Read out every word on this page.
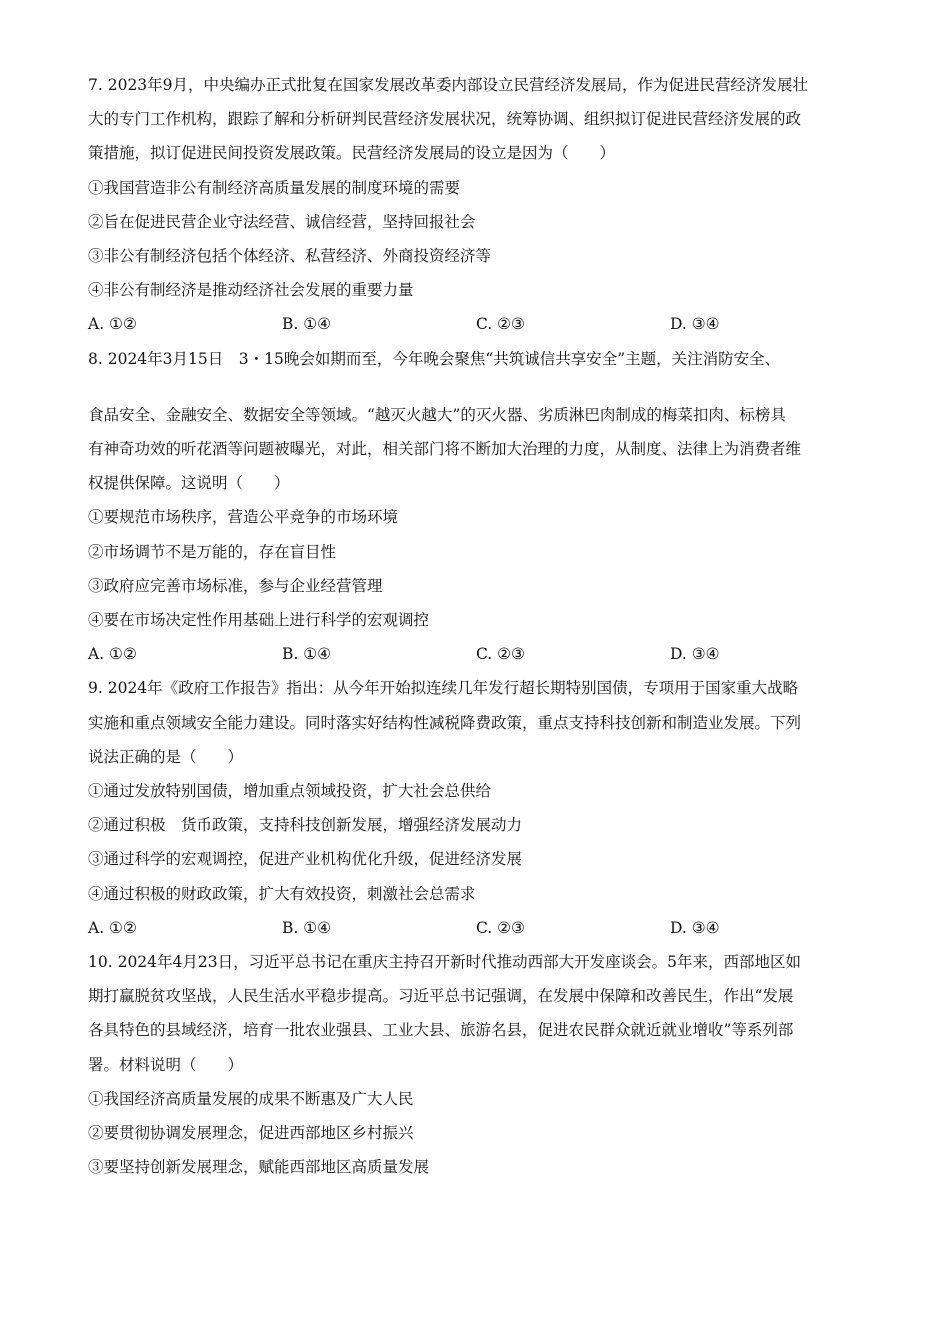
7. 2023年9月，中央编办正式批复在国家发展改革委内部设立民营经济发展局，作为促进民营经济发展壮
大的专门工作机构，跟踪了解和分析研判民营经济发展状况，统筹协调、组织拟订促进民营经济发展的政
策措施，拟订促进民间投资发展政策。民营经济发展局的设立是因为（　　）

①我国营造非公有制经济高质量发展的制度环境的需要

②旨在促进民营企业守法经营、诚信经营，坚持回报社会

③非公有制经济包括个体经济、私营经济、外商投资经济等

④非公有制经济是推动经济社会发展的重要力量

A. ①②	B. ①④	C. ②③	D. ③④

8. 2024年3月15日　3・15晚会如期而至，今年晚会聚焦“共筑诚信共享安全”主题，关注消防安全、
食品安全、金融安全、数据安全等领域。“越灭火越大”的灭火器、劣质淋巴肉制成的梅菜扣肉、标榜具
有神奇功效的听花酒等问题被曝光，对此，相关部门将不断加大治理的力度，从制度、法律上为消费者维
权提供保障。这说明（　　）

①要规范市场秩序，营造公平竞争的市场环境

②市场调节不是万能的，存在盲目性

③政府应完善市场标准，参与企业经营管理

④要在市场决定性作用基础上进行科学的宏观调控

A. ①②	B. ①④	C. ②③	D. ③④

9. 2024年《政府工作报告》指出：从今年开始拟连续几年发行超长期特别国债，专项用于国家重大战略
实施和重点领域安全能力建设。同时落实好结构性减税降费政策，重点支持科技创新和制造业发展。下列
说法正确的是（　　）

①通过发放特别国债，增加重点领域投资，扩大社会总供给

②通过积极　货币政策，支持科技创新发展，增强经济发展动力

③通过科学的宏观调控，促进产业机构优化升级，促进经济发展

④通过积极的财政政策，扩大有效投资，刺激社会总需求

A. ①②	B. ①④	C. ②③	D. ③④

10. 2024年4月23日，习近平总书记在重庆主持召开新时代推动西部大开发座谈会。5年来，西部地区如
期打赢脱贫攻坚战，人民生活水平稳步提高。习近平总书记强调，在发展中保障和改善民生，作出“发展
各具特色的县域经济，培育一批农业强县、工业大县、旅游名县，促进农民群众就近就业增收”等系列部
署。材料说明（　　）

①我国经济高质量发展的成果不断惠及广大人民

②要贯彻协调发展理念，促进西部地区乡村振兴

③要坚持创新发展理念，赋能西部地区高质量发展
